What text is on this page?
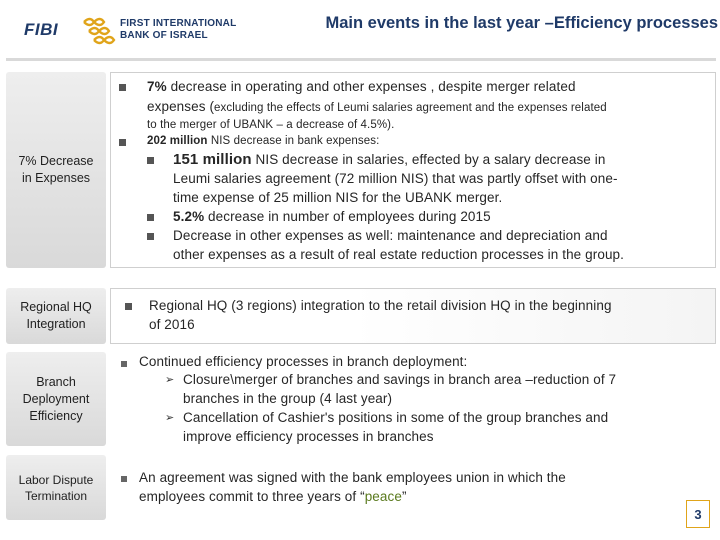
FIBI	FIRST INTERNATIONAL
BANK OF ISRAEL
Main events in the last year –Efficiency processes
7% Decrease in Expenses
7% decrease in operating and other expenses , despite merger related
expenses (excluding the effects of Leumi salaries agreement and the expenses related
to the merger of UBANK – a decrease of 4.5%).
202 million NIS decrease in bank expenses:
151 million NIS decrease in salaries, effected by a salary decrease in
Leumi salaries agreement (72 million NIS) that was partly offset with one-
time expense of 25 million NIS for the UBANK merger.
5.2% decrease in number of employees during 2015
Decrease in other expenses as well: maintenance and depreciation and
other expenses as a result of real estate reduction processes in the group.
Regional HQ
Integration
Regional HQ (3 regions) integration to the retail division HQ in the beginning
of 2016
Branch Deployment Efficiency
Continued efficiency processes in branch deployment:
➢ Closure\merger of branches and savings in branch area –reduction of 7
branches in the group (4 last year)
➢ Cancellation of Cashier's positions in some of the group branches and
improve efficiency processes in branches
Labor Dispute Termination
An agreement was signed with the bank employees union in which the
employees commit to three years of “peace”
3
